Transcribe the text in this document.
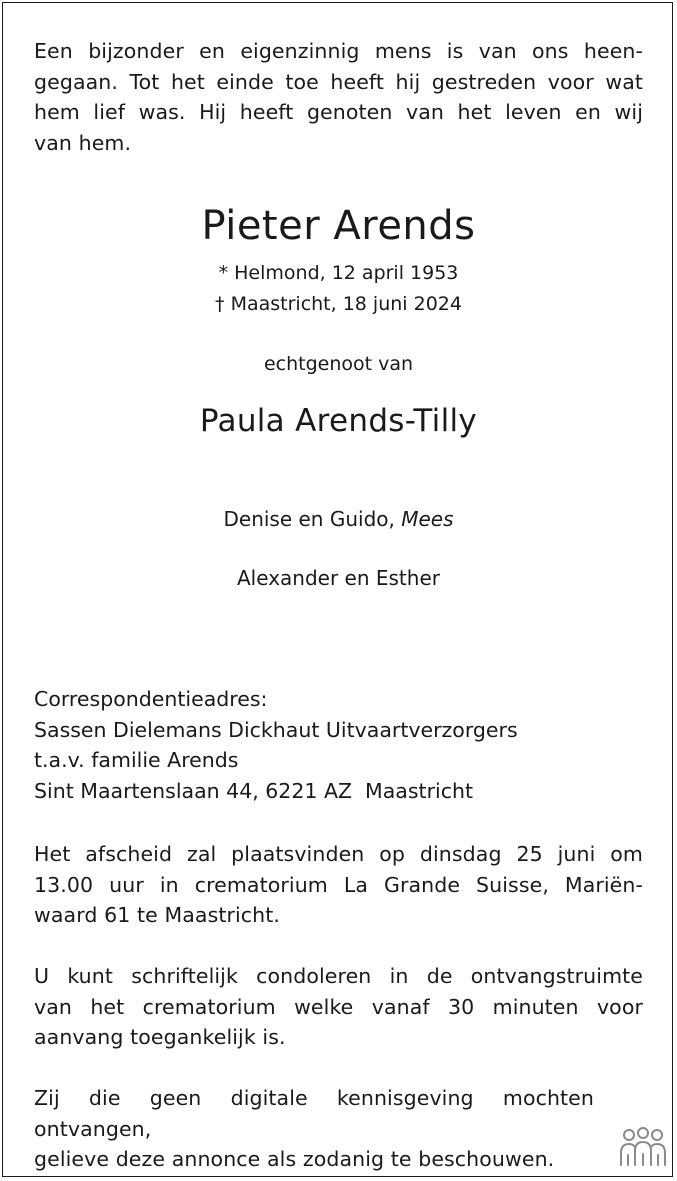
Een bijzonder en eigenzinnig mens is van ons heen-
gegaan. Tot het einde toe heeft hij gestreden voor wat
hem lief was. Hij heeft genoten van het leven en wij
van hem.
Pieter Arends
* Helmond, 12 april 1953
† Maastricht, 18 juni 2024
echtgenoot van
Paula Arends-Tilly
Denise en Guido, Mees
Alexander en Esther
Correspondentieadres:
Sassen Dielemans Dickhaut Uitvaartverzorgers
t.a.v. familie Arends
Sint Maartenslaan 44, 6221 AZ  Maastricht
Het afscheid zal plaatsvinden op dinsdag 25 juni om
13.00 uur in crematorium La Grande Suisse, Mariën-
waard 61 te Maastricht.
U kunt schriftelijk condoleren in de ontvangstruimte
van het crematorium welke vanaf 30 minuten voor
aanvang toegankelijk is.
Zij die geen digitale kennisgeving mochten ontvangen,
gelieve deze annonce als zodanig te beschouwen.
